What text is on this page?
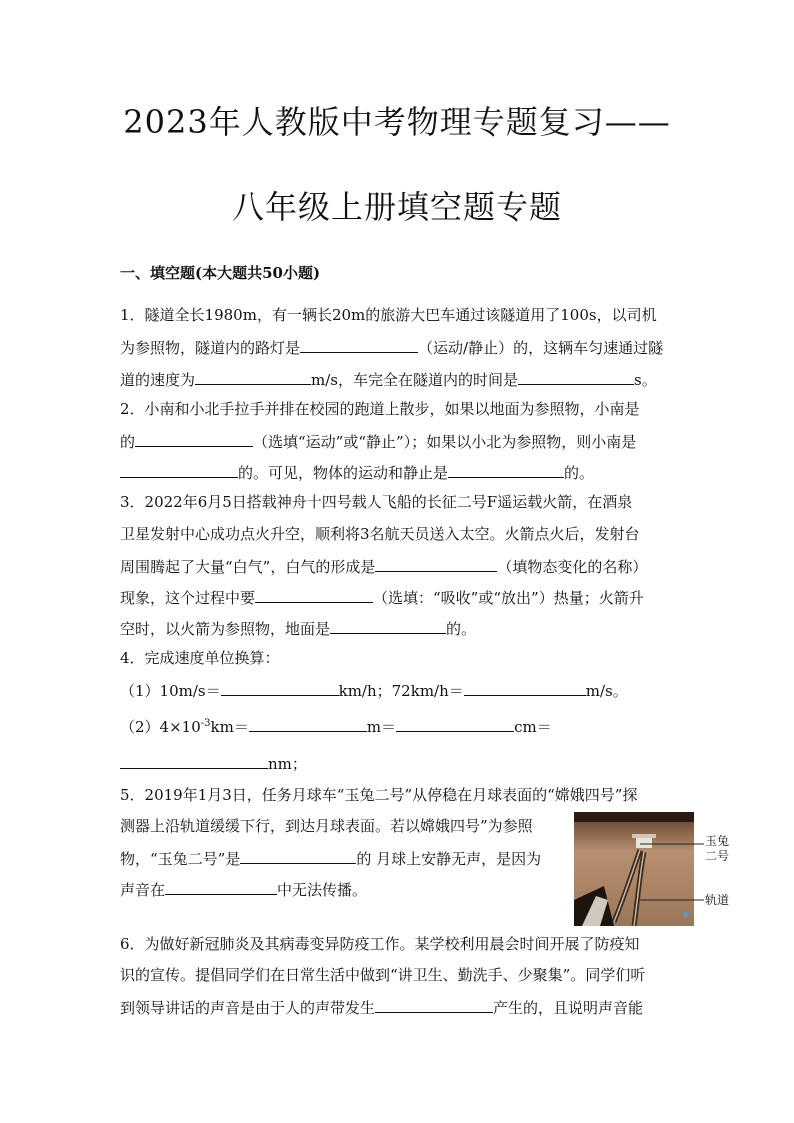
2023年人教版中考物理专题复习——
八年级上册填空题专题
一、填空题(本大题共50小题)
1．隧道全长1980m，有一辆长20m的旅游大巴车通过该隧道用了100s，以司机
为参照物，隧道内的路灯是	（运动/静止）的，这辆车匀速通过隧
道的速度为	m/s，车完全在隧道内的时间是	s。
2．小南和小北手拉手并排在校园的跑道上散步，如果以地面为参照物，小南是
的	（选填“运动”或“静止”）；如果以小北为参照物，则小南是
的。可见，物体的运动和静止是	的。
3．2022年6月5日搭载神舟十四号载人飞船的长征二号F遥运载火箭，在酒泉
卫星发射中心成功点火升空，顺利将3名航天员送入太空。火箭点火后，发射台
周围腾起了大量“白气”，白气的形成是	（填物态变化的名称）
现象，这个过程中要	（选填：“吸收”或“放出”）热量；火箭升
空时，以火箭为参照物，地面是	的。
4．完成速度单位换算：
（1）10m/s＝	km/h；72km/h＝	m/s。
$(2)4\times 10^{-3}km=$	m＝	cm＝
nm；
5．2019年1月3日，任务月球车“玉兔二号”从停稳在月球表面的“嫦娥四号”探
测器上沿轨道缓缓下行，到达月球表面。若以嫦娥四号”为参照
物，“玉兔二号”是	的 月球上安静无声，是因为
声音在	中无法传播。
玉兔
二号
轨道
6．为做好新冠肺炎及其病毒变异防疫工作。某学校利用晨会时间开展了防疫知
识的宣传。提倡同学们在日常生活中做到“讲卫生、勤洗手、少聚集”。同学们听
到领导讲话的声音是由于人的声带发生	产生的，且说明声音能
